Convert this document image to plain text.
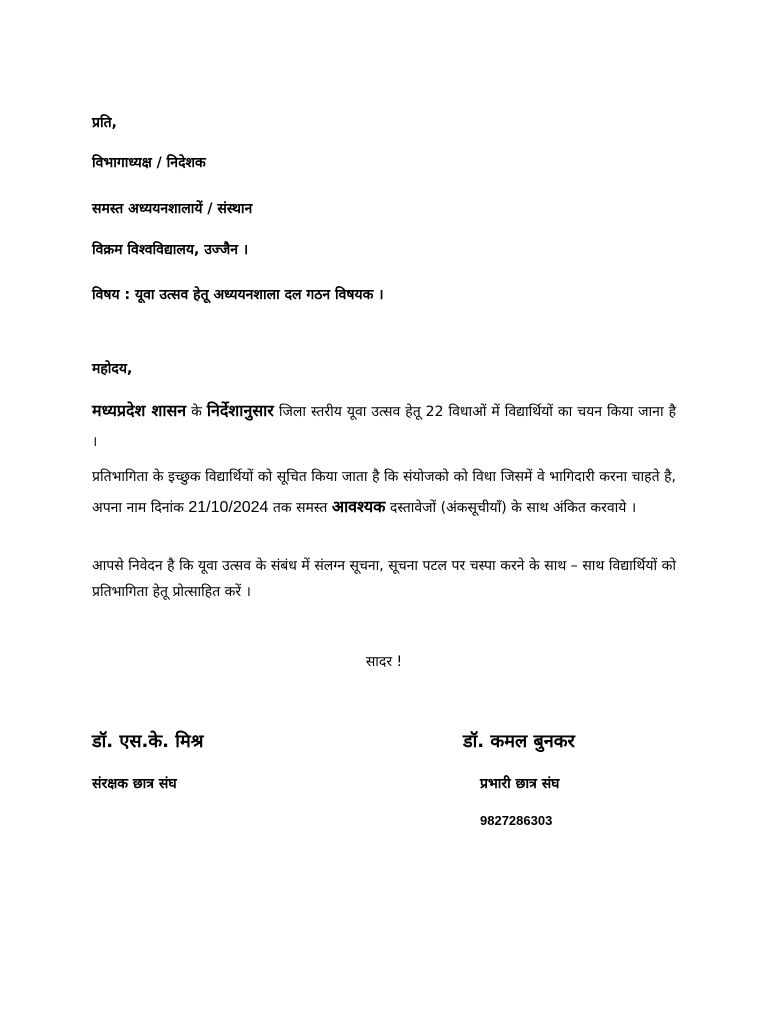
प्रति,
विभागाध्यक्ष / निदेशक
समस्त अध्ययनशालायें / संस्थान
विक्रम विश्वविद्यालय, उज्जैन ।
विषय : यूवा उत्सव हेतू अध्ययनशाला दल गठन विषयक ।
महोदय,
मध्यप्रदेश शासन के निर्देशानुसार जिला स्तरीय यूवा उत्सव हेतू 22 विधाओं में विद्यार्थियों का चयन किया जाना है ।
प्रतिभागिता के इच्छुक विद्यार्थियों को सूचित किया जाता है कि संयोजको को विधा जिसमें वे भागिदारी करना चाहते है, अपना नाम दिनांक 21/10/2024 तक समस्त आवश्यक दस्तावेजों (अंकसूचीयाँ) के साथ अंकित करवाये ।
आपसे निवेदन है कि यूवा उत्सव के संबंध में संलग्न सूचना, सूचना पटल पर चस्पा करने के साथ – साथ विद्यार्थियों को प्रतिभागिता हेतू प्रोत्साहित करें ।
सादर !
डॉ. एस.के. मिश्र
संरक्षक छात्र संघ
डॉ. कमल बुनकर
प्रभारी छात्र संघ
9827286303
